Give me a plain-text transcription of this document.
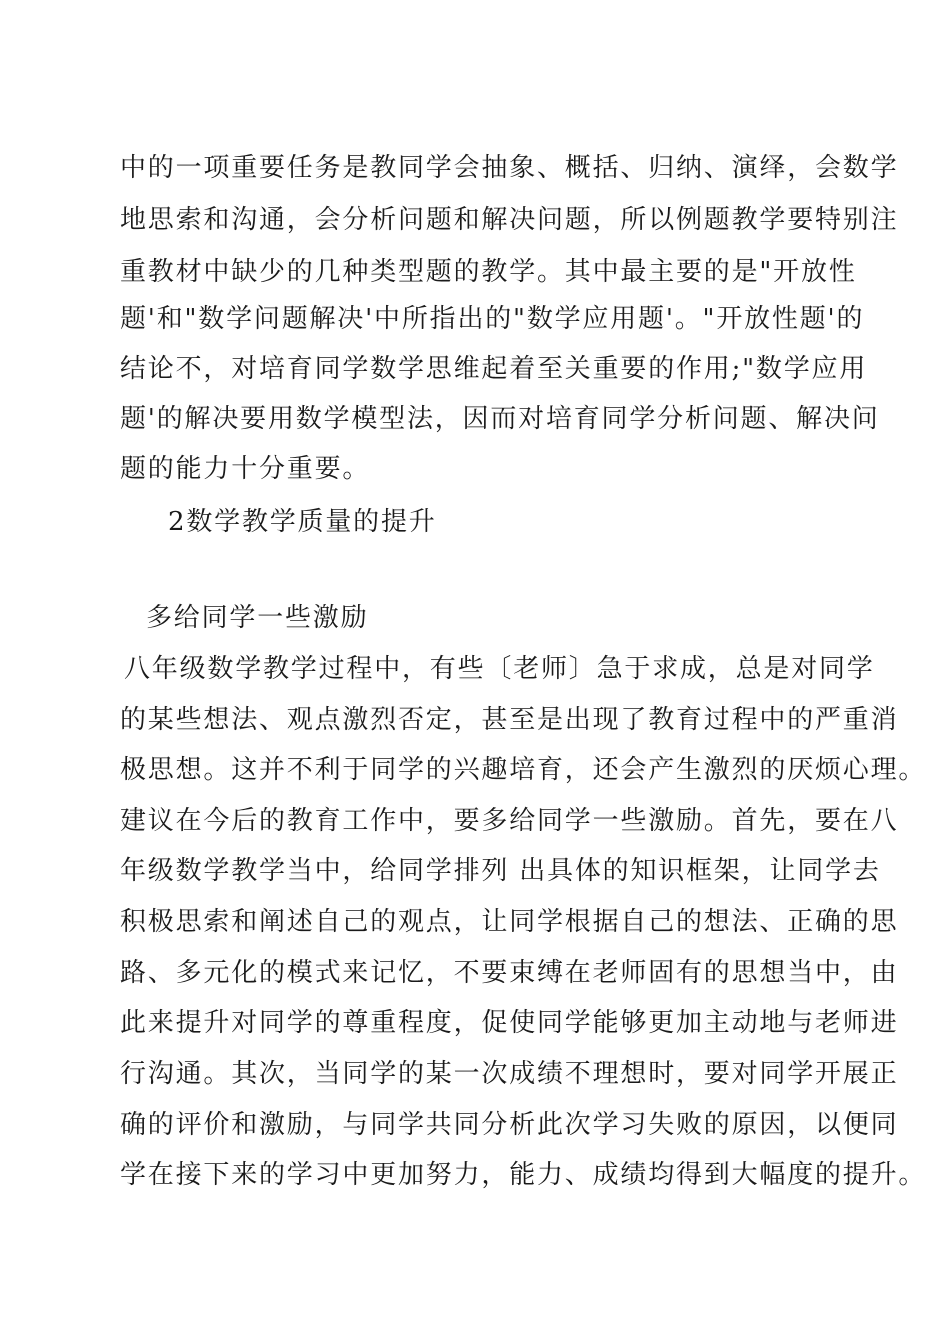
中的一项重要任务是教同学会抽象、概括、归纳、演绎，会数学
地思索和沟通，会分析问题和解决问题，所以例题教学要特别注
重教材中缺少的几种类型题的教学。其中最主要的是"开放性
题'和"数学问题解决'中所指出的"数学应用题'。"开放性题'的
结论不，对培育同学数学思维起着至关重要的作用;"数学应用
题'的解决要用数学模型法，因而对培育同学分析问题、解决问
题的能力十分重要。
2数学教学质量的提升
多给同学一些激励
八年级数学教学过程中，有些〔老师〕急于求成，总是对同学
的某些想法、观点激烈否定，甚至是出现了教育过程中的严重消
极思想。这并不利于同学的兴趣培育，还会产生激烈的厌烦心理。
建议在今后的教育工作中，要多给同学一些激励。首先，要在八
年级数学教学当中，给同学排列 出具体的知识框架，让同学去
积极思索和阐述自己的观点，让同学根据自己的想法、正确的思
路、多元化的模式来记忆，不要束缚在老师固有的思想当中，由
此来提升对同学的尊重程度，促使同学能够更加主动地与老师进
行沟通。其次，当同学的某一次成绩不理想时，要对同学开展正
确的评价和激励，与同学共同分析此次学习失败的原因，以便同
学在接下来的学习中更加努力，能力、成绩均得到大幅度的提升。
